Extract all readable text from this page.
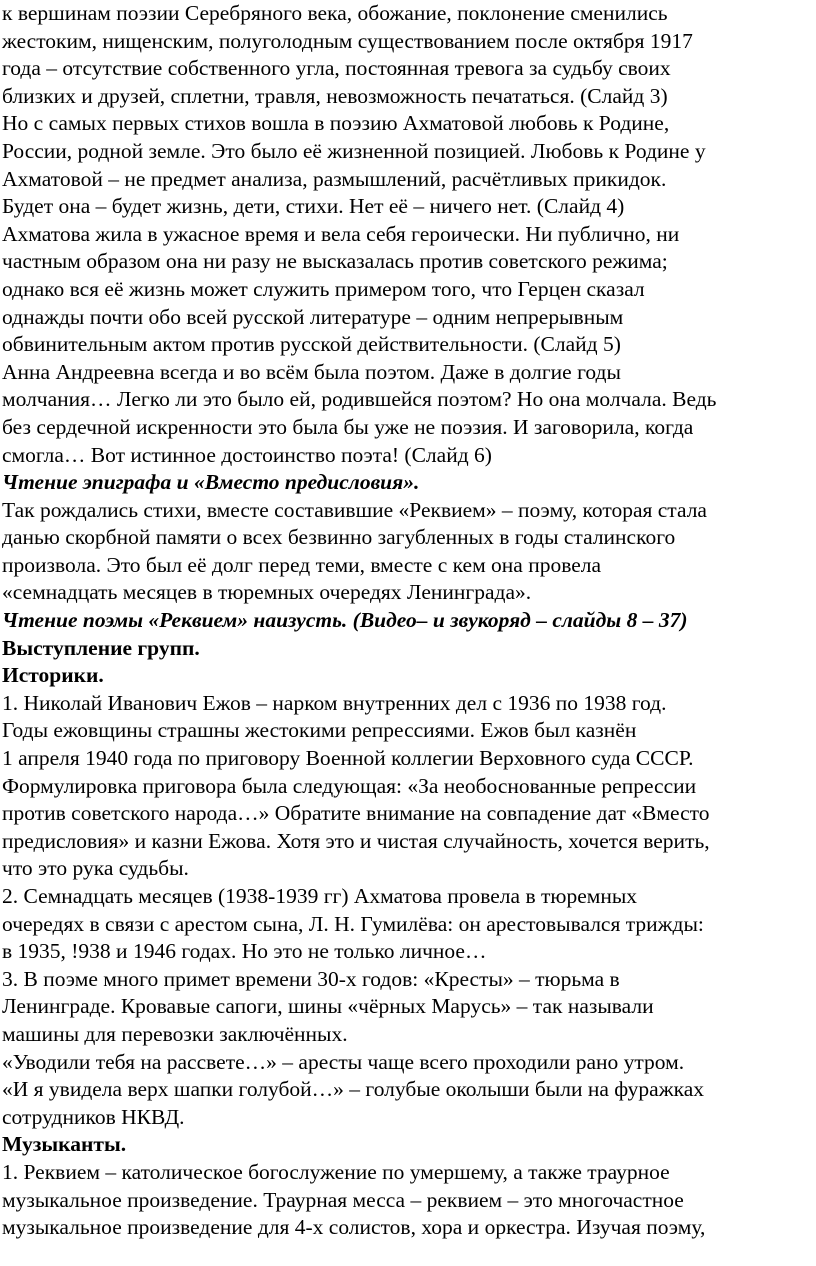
к вершинам поэзии Серебряного века, обожание, поклонение сменились
жестоким, нищенским, полуголодным существованием после октября 1917
года – отсутствие собственного угла, постоянная тревога за судьбу своих
близких и друзей, сплетни, травля, невозможность печататься. (Слайд 3)
Но с самых первых стихов вошла в поэзию Ахматовой любовь к Родине,
России, родной земле. Это было её жизненной позицией. Любовь к Родине у
Ахматовой – не предмет анализа, размышлений, расчётливых прикидок.
Будет она – будет жизнь, дети, стихи. Нет её – ничего нет. (Слайд 4)
Ахматова жила в ужасное время и вела себя героически. Ни публично, ни
частным образом она ни разу не высказалась против советского режима;
однако вся её жизнь может служить примером того, что Герцен сказал
однажды почти обо всей русской литературе – одним непрерывным
обвинительным актом против русской действительности. (Слайд 5)
Анна Андреевна всегда и во всём была поэтом. Даже в долгие годы
молчания… Легко ли это было ей, родившейся поэтом? Но она молчала. Ведь
без сердечной искренности это была бы уже не поэзия. И заговорила, когда
смогла… Вот истинное достоинство поэта! (Слайд 6)
Чтение эпиграфа и «Вместо предисловия».
Так рождались стихи, вместе составившие «Реквием» – поэму, которая стала
данью скорбной памяти о всех безвинно загубленных в годы сталинского
произвола. Это был её долг перед теми, вместе с кем она провела
«семнадцать месяцев в тюремных очередях Ленинграда».
Чтение поэмы «Реквием» наизусть. (Видео– и звукоряд – слайды 8 – 37)
Выступление групп.
Историки.
1. Николай Иванович Ежов – нарком внутренних дел с 1936 по 1938 год.
Годы ежовщины страшны жестокими репрессиями. Ежов был казнён
1 апреля 1940 года по приговору Военной коллегии Верховного суда СССР.
Формулировка приговора была следующая: «За необоснованные репрессии
против советского народа…» Обратите внимание на совпадение дат «Вместо
предисловия» и казни Ежова. Хотя это и чистая случайность, хочется верить,
что это рука судьбы.
2. Семнадцать месяцев (1938-1939 гг) Ахматова провела в тюремных
очередях в связи с арестом сына, Л. Н. Гумилёва: он арестовывался трижды:
в 1935, !938 и 1946 годах. Но это не только личное…
3. В поэме много примет времени 30-х годов: «Кресты» – тюрьма в
Ленинграде. Кровавые сапоги, шины «чёрных Марусь» – так называли
машины для перевозки заключённых.
«Уводили тебя на рассвете…» – аресты чаще всего проходили рано утром.
«И я увидела верх шапки голубой…» – голубые околыши были на фуражках
сотрудников НКВД.
Музыканты.
1. Реквием – католическое богослужение по умершему, а также траурное
музыкальное произведение. Траурная месса – реквием – это многочастное
музыкальное произведение для 4-х солистов, хора и оркестра. Изучая поэму,
